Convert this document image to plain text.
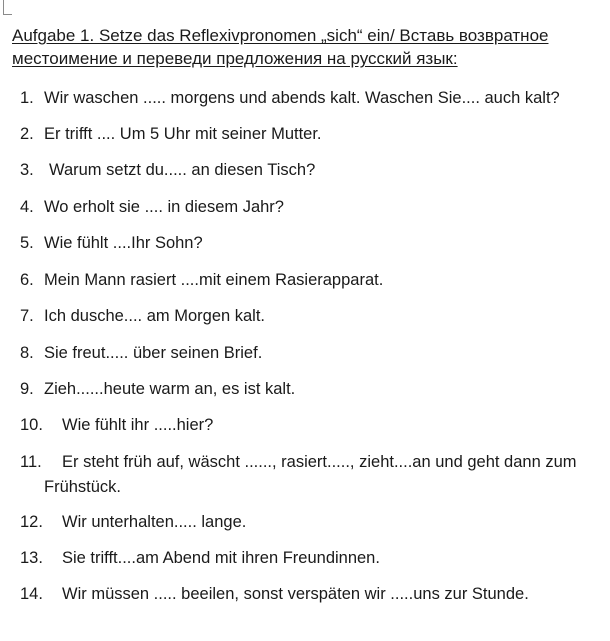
Aufgabe 1. Setze das Reflexivpronomen „sich“ ein/ Вставь возвратное
местоимение и переведи предложения на русский язык:
1. Wir waschen ..... morgens und abends kalt. Waschen Sie.... auch kalt?
2. Er trifft .... Um 5 Uhr mit seiner Mutter.
3. Warum setzt du..... an diesen Tisch?
4. Wo erholt sie .... in diesem Jahr?
5. Wie fühlt ....Ihr Sohn?
6. Mein Mann rasiert ....mit einem Rasierapparat.
7. Ich dusche.... am Morgen kalt.
8. Sie freut..... über seinen Brief.
9. Zieh......heute warm an, es ist kalt.
10. Wie fühlt ihr .....hier?
11. Er steht früh auf, wäscht ......, rasiert....., zieht....an und geht dann zum
Frühstück.
12. Wir unterhalten..... lange.
13. Sie trifft....am Abend mit ihren Freundinnen.
14. Wir müssen ..... beeilen, sonst verspäten wir .....uns zur Stunde.
